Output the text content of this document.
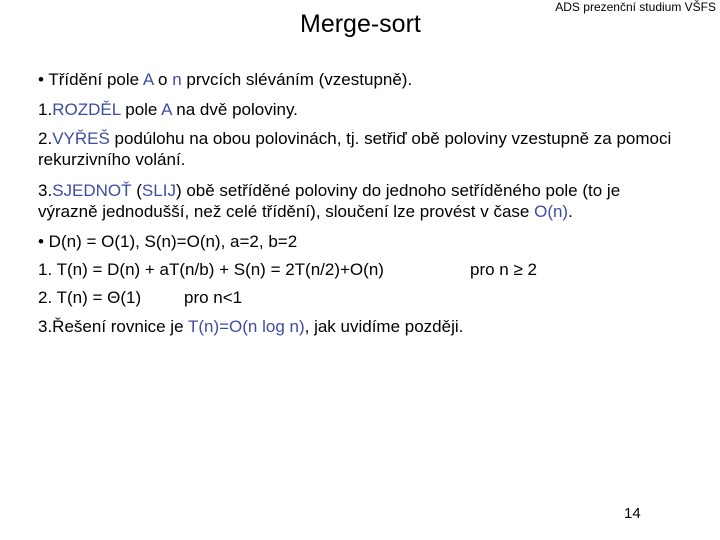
ADS prezenční studium VŠFS
Merge-sort
• Třídění pole A o n prvcích sléváním (vzestupně).
1.ROZDĚL pole A na dvě poloviny.
2.VYŘEŠ podúlohu na obou polovinách, tj. setřiď obě poloviny vzestupně za pomoci rekurzivního volání.
3.SJEDNOŤ (SLIJ) obě setříděné poloviny do jednoho setříděného pole (to je výrazně jednodušší, než celé třídění), sloučení lze provést v čase O(n).
• D(n) = O(1), S(n)=O(n), a=2, b=2
1. T(n) = D(n) + aT(n/b) + S(n) = 2T(n/2)+O(n)	pro n ≥ 2
2. T(n) = Θ(1)	pro n<1
3.Řešení rovnice je T(n)=O(n log n), jak uvidíme později.
14
